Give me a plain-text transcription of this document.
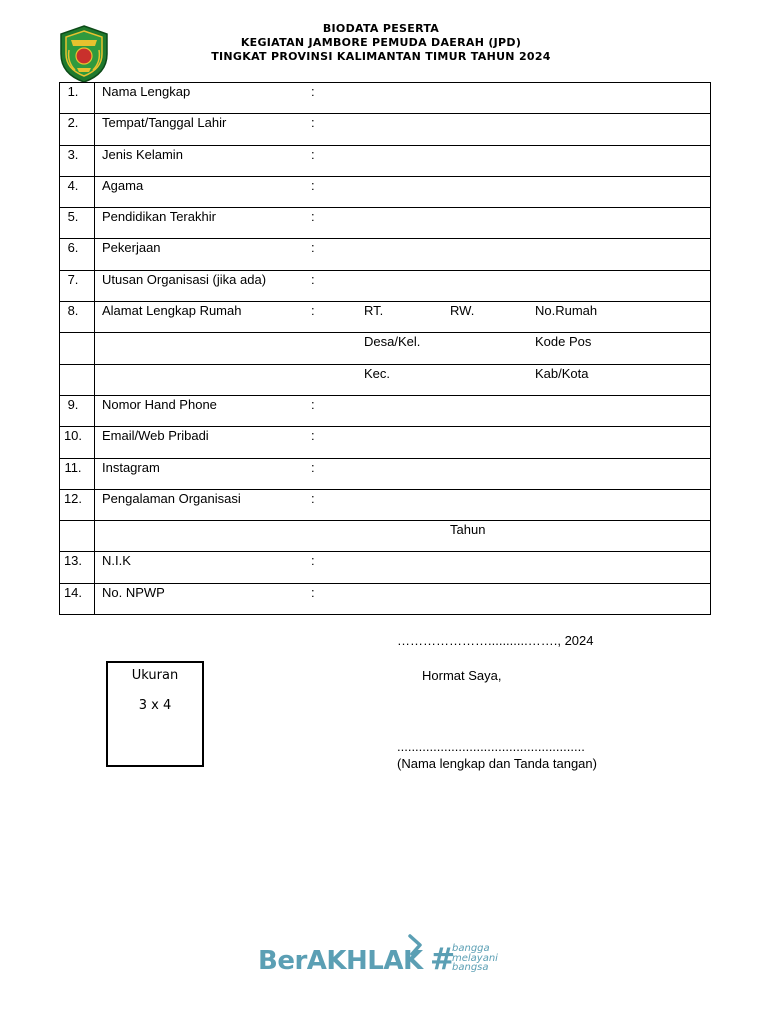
BIODATA PESERTA
KEGIATAN JAMBORE PEMUDA DAERAH (JPD)
TINGKAT PROVINSI KALIMANTAN TIMUR TAHUN 2024
1.	Nama Lengkap :

2.	Tempat/Tanggal Lahir :

3.	Jenis Kelamin :

4.	Agama :

5.	Pendidikan Terakhir :

6.	Pekerjaan :

7.	Utusan Organisasi (jika ada) :

8.	Alamat Lengkap Rumah : RT. RW. No.Rumah

	Desa/Kel. Kode Pos

	Kec. Kab/Kota

9.	Nomor Hand Phone :

10.	Email/Web Pribadi :

11.	Instagram :

12.	Pengalaman Organisasi :

	Tahun

13.	N.I.K :

14.	No. NPWP :
…………………...........……., 2024
Hormat Saya,
....................................................
(Nama lengkap dan Tanda tangan)
Ukuran
3 x 4
BerAKHLAK #
bangga
melayani
bangsa
